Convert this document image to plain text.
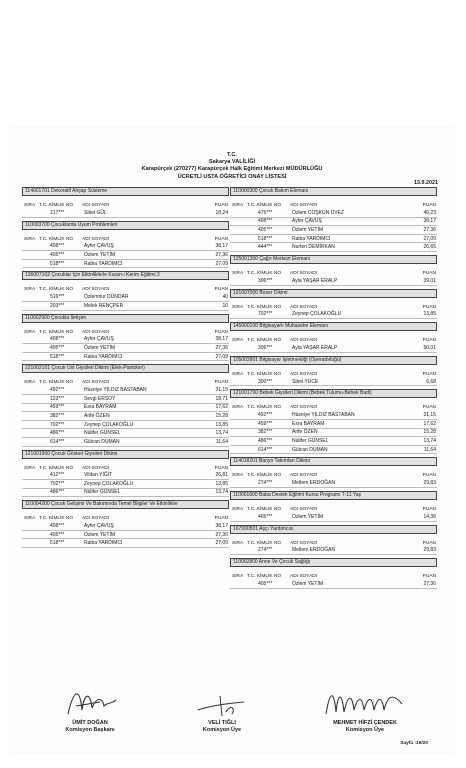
T.C.
Sakarya VALİLİĞİ
Karapürçek (270277) Karapürçek Halk Eğitimi Merkezi MÜDÜRLÜĞÜ
ÜCRETLİ USTA ÖĞRETİCİ ONAY LİSTESİ
13.9.2021
114001701 Dekoratif Ahşap Süsleme
SIRA T.C. KİMLİK NO ADI SOYADI	PUAN
217***	Sibel GÜL	18,24
110003700 Çocuklarda Uyum Problemleri
SIRA T.C. KİMLİK NO ADI SOYADI	PUAN
408***	Ayfer ÇAVUŞ	38,17
405***	Özlem YETİM	27,36
518***	Rabia YARDIMCI	27,09
136007102 Çocuklar İçin Etkinliklerle Kuran-ı Kerim Eğitimi 2
SIRA T.C. KİMLİK NO ADI SOYADI	PUAN
516***	Özlemnur DÜNDAR	40
203***	Melek RENÇPER	10
110002900 Çocukla İletişim
SIRA T.C. KİMLİK NO ADI SOYADI	PUAN
408***	Ayfer ÇAVUŞ	38,17
405***	Özlem YETİM	27,36
518***	Rabia YARDIMCI	27,09
121002101 Çocuk Üst Giysileri Dikimi (Etek-Pantolon)
SIRA T.C. KİMLİK NO ADI SOYADI	PUAN
492***	Hüsniye YILDIZ BASTABAN	31,15
123***	Sevgi ERSOY	18,71
459***	Esra BAYRAM	17,62
382***	Arife ÖZEN	15,28
702***	Zeynep ÇOLAKOĞLU	13,85
486***	Nülifer GÜNSEL	13,74
614***	Gülcan DUMAN	11,64
121001900 Çocuk Gösteri Giysileri Dikimi
SIRA T.C. KİMLİK NO ADI SOYADI	PUAN
412***	Vildan YİĞİT	26,81
702***	Zeynep ÇOLAKOĞLU	13,85
486***	Nülifer GÜNSEL	13,74
110004200 Çocuk Gelişimi Ve Bakımında Temel Bilgiler Ve Etkinlikler
SIRA T.C. KİMLİK NO ADI SOYADI	PUAN
408***	Ayfer ÇAVUŞ	38,17
405***	Özlem YETİM	27,36
518***	Rabia YARDIMCI	27,09
110000300 Çocuk Bakım Elemanı
SIRA T.C. KİMLİK NO ADI SOYADI	PUAN
475***	Özlem COŞKUN ÜVEZ	46,23
408***	Ayfer ÇAVUŞ	38,17
405***	Özlem YETİM	27,36
518***	Rabia YARDIMCI	27,09
444***	Nurten DEMİRKAN	26,65
125001300 Çağrı Merkezi Elemanı
SIRA T.C. KİMLİK NO ADI SOYADI	PUAN
306***	Ayla YAŞAR ERALP	39,01
121007000 Boxer Dikimi
SIRA T.C. KİMLİK NO ADI SOYADI	PUAN
702***	Zeynep ÇOLAKOĞLU	13,85
145000100 Bilgisayarlı Muhasebe Elemanı
SIRA T.C. KİMLİK NO ADI SOYADI	PUAN
306***	Ayla YAŞAR ERALP	50,01
105002801 Bilgisayar İşletmenliği (Operatörlüğü)
SIRA T.C. KİMLİK NO ADI SOYADI	PUAN
300***	Sibel YÜCE	6,68
121001700 Bebek Giysileri Dikimi (Bebek Tulumu-Bebek Badi)
SIRA T.C. KİMLİK NO ADI SOYADI	PUAN
492***	Hüsniye YILDIZ BASTABAN	31,15
459***	Esra BAYRAM	17,62
382***	Arife ÖZEN	15,28
486***	Nülifer GÜNSEL	13,74
614***	Gülcan DUMAN	11,64
114018201 Banyo Takımları Dikimi
SIRA T.C. KİMLİK NO ADI SOYADI	PUAN
274***	Meltem ERDOĞAN	29,83
110001600 Baba Destek Eğitimi Kursu Programı 7-11 Yaş
SIRA T.C. KİMLİK NO ADI SOYADI	PUAN
405***	Özlem YETİM	14,36
167000501 Aşçı Yardımcısı
SIRA T.C. KİMLİK NO ADI SOYADI	PUAN
274***	Meltem ERDOĞAN	29,83
110002800 Anne Ve Çocuk Sağlığı
SIRA T.C. KİMLİK NO ADI SOYADI	PUAN
405***	Özlem YETİM	27,36
ÜMİT DOĞAN
Komisyon Başkanı
VELİ TIĞLI
Komisyon Üye
MEHMET HİFZİ ÇENDEK
Komisyon Üye
Sayfa :19/20
